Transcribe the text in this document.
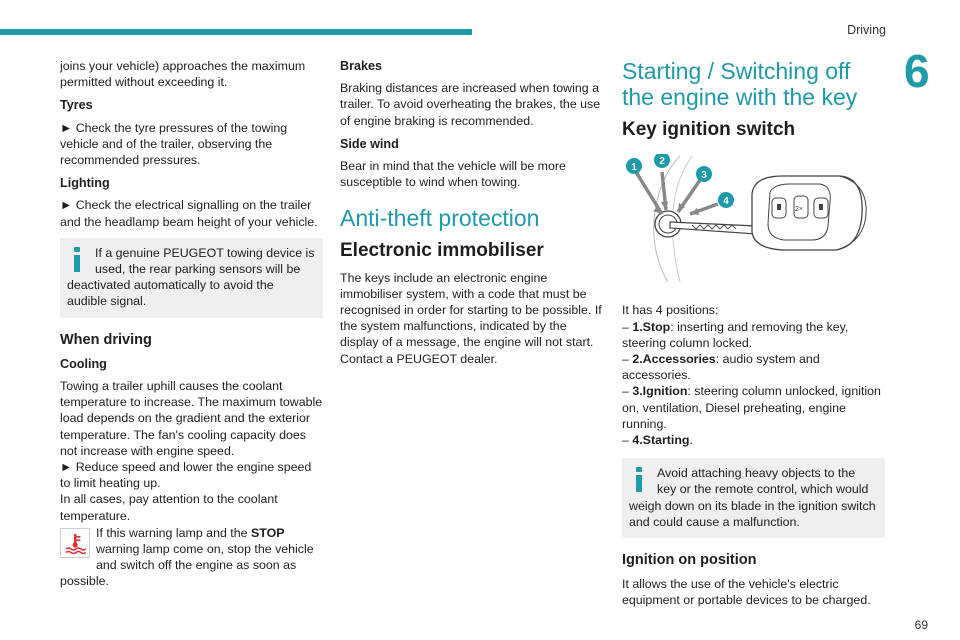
Driving
6
69

joins your vehicle) approaches the maximum permitted without exceeding it.

Tyres

► Check the tyre pressures of the towing vehicle and of the trailer, observing the recommended pressures.

Lighting

► Check the electrical signalling on the trailer and the headlamp beam height of your vehicle.

If a genuine PEUGEOT towing device is used, the rear parking sensors will be deactivated automatically to avoid the audible signal.
When driving
Cooling
Towing a trailer uphill causes the coolant temperature to increase. The maximum towable load depends on the gradient and the exterior temperature. The fan's cooling capacity does not increase with engine speed.
► Reduce speed and lower the engine speed to limit heating up.
In all cases, pay attention to the coolant temperature.
If this warning lamp and the STOP warning lamp come on, stop the vehicle and switch off the engine as soon as possible.
Brakes

Braking distances are increased when towing a trailer. To avoid overheating the brakes, the use of engine braking is recommended.

Side wind

Bear in mind that the vehicle will be more susceptible to wind when towing.

Anti-theft protection
Electronic immobiliser

The keys include an electronic engine immobiliser system, with a code that must be recognised in order for starting to be possible. If the system malfunctions, indicated by the display of a message, the engine will not start. Contact a PEUGEOT dealer.

Starting / Switching off the engine with the key
Key ignition switch
2×
1
2
3
4
It has 4 positions:
– 1.Stop: inserting and removing the key, steering column locked.
– 2.Accessories: audio system and accessories.
– 3.Ignition: steering column unlocked, ignition on, ventilation, Diesel preheating, engine running.
– 4.Starting.
Avoid attaching heavy objects to the key or the remote control, which would weigh down on its blade in the ignition switch and could cause a malfunction.
Ignition on position

It allows the use of the vehicle's electric equipment or portable devices to be charged.
